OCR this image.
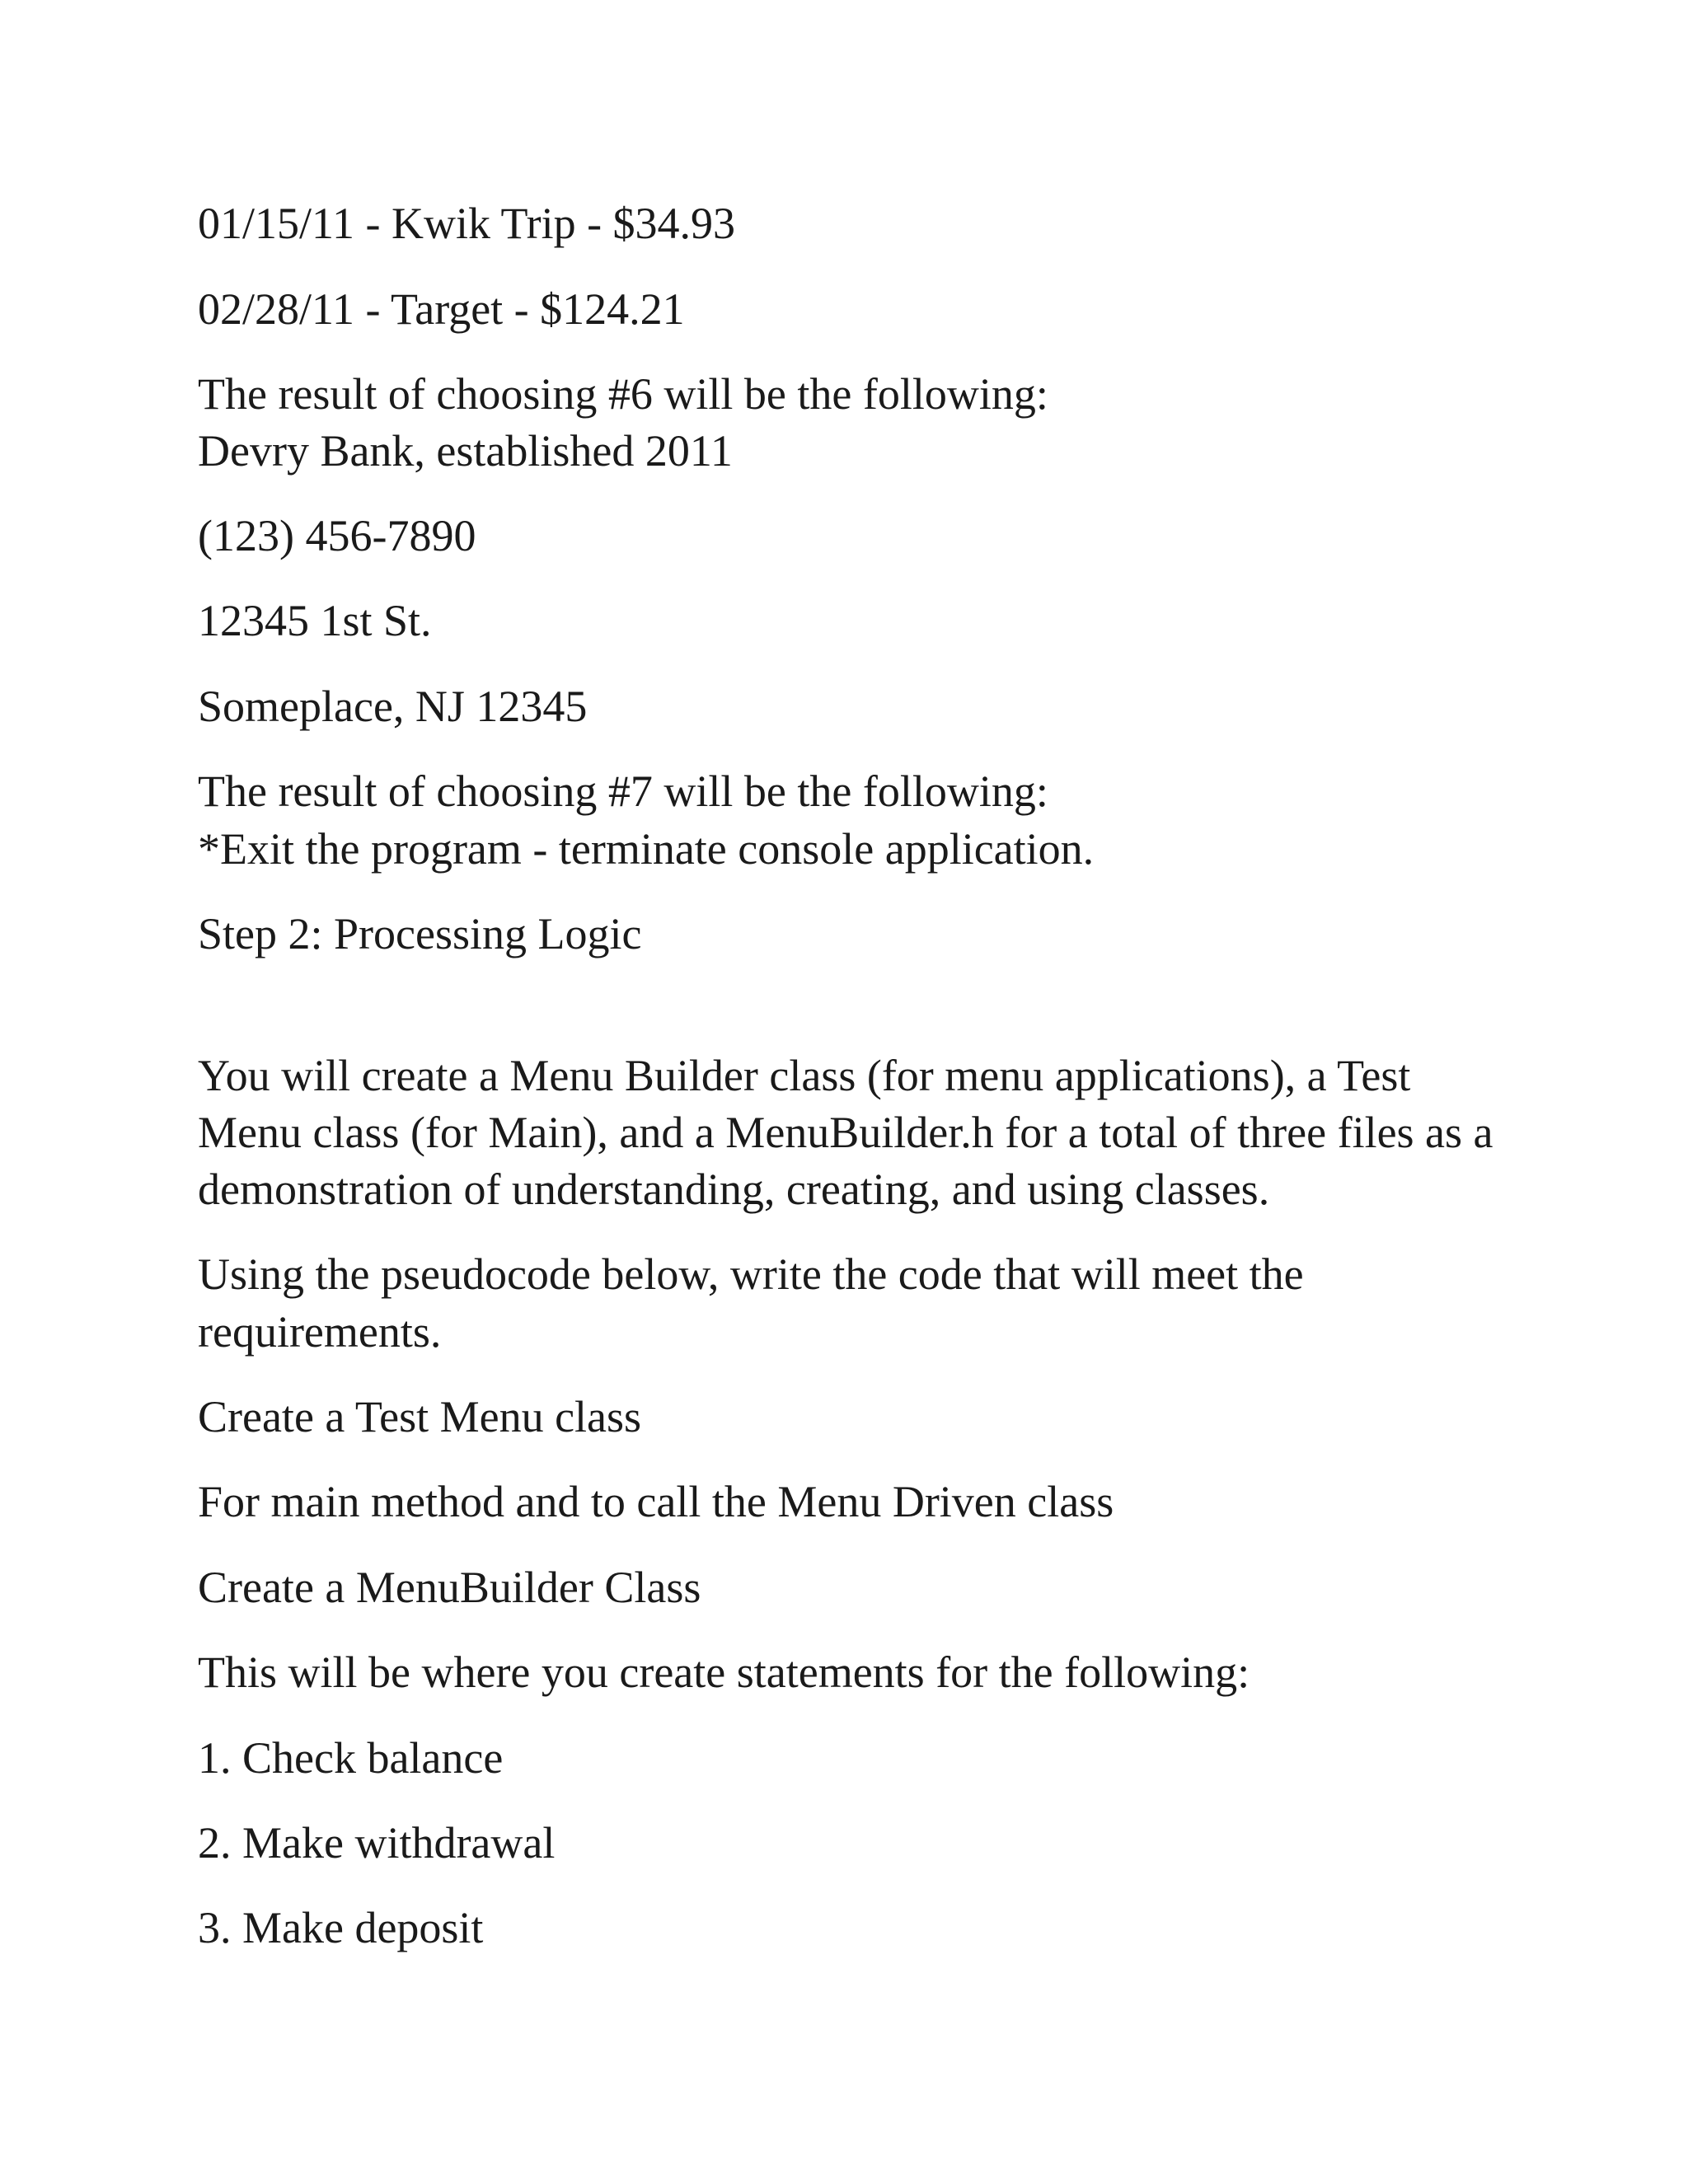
01/15/11 - Kwik Trip - $34.93
02/28/11 - Target - $124.21
The result of choosing #6 will be the following:
Devry Bank, established 2011
(123) 456-7890
12345 1st St.
Someplace, NJ 12345
The result of choosing #7 will be the following:
*Exit the program - terminate console application.
Step 2: Processing Logic
You will create a Menu Builder class (for menu applications), a Test
Menu class (for Main), and a MenuBuilder.h for a total of three files as a
demonstration of understanding, creating, and using classes.
Using the pseudocode below, write the code that will meet the
requirements.
Create a Test Menu class
For main method and to call the Menu Driven class
Create a MenuBuilder Class
This will be where you create statements for the following:
1. Check balance
2. Make withdrawal
3. Make deposit
